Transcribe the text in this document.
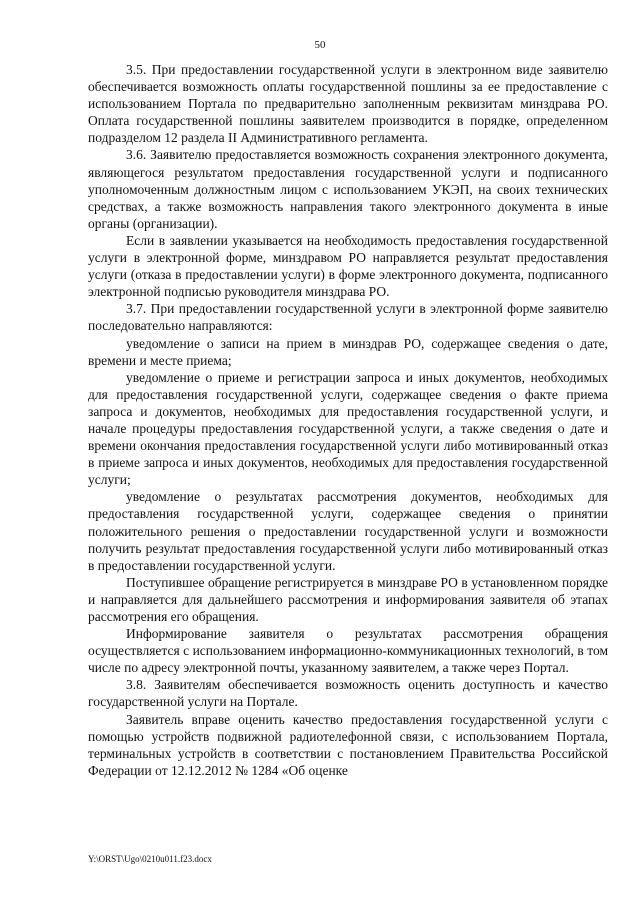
50

3.5. При предоставлении государственной услуги в электронном виде заявителю обеспечивается возможность оплаты государственной пошлины за ее предоставление с использованием Портала по предварительно заполненным реквизитам минздрава РО. Оплата государственной пошлины заявителем производится в порядке, определенном подразделом 12 раздела II Административного регламента.

3.6. Заявителю предоставляется возможность сохранения электронного документа, являющегося результатом предоставления государственной услуги и подписанного уполномоченным должностным лицом с использованием УКЭП, на своих технических средствах, а также возможность направления такого электронного документа в иные органы (организации).

Если в заявлении указывается на необходимость предоставления государственной услуги в электронной форме, минздравом РО направляется результат предоставления услуги (отказа в предоставлении услуги) в форме электронного документа, подписанного электронной подписью руководителя минздрава РО.

3.7. При предоставлении государственной услуги в электронной форме заявителю последовательно направляются:

уведомление о записи на прием в минздрав РО, содержащее сведения о дате, времени и месте приема;

уведомление о приеме и регистрации запроса и иных документов, необходимых для предоставления государственной услуги, содержащее сведения о факте приема запроса и документов, необходимых для предоставления государственной услуги, и начале процедуры предоставления государственной услуги, а также сведения о дате и времени окончания предоставления государственной услуги либо мотивированный отказ в приеме запроса и иных документов, необходимых для предоставления государственной услуги;

уведомление о результатах рассмотрения документов, необходимых для предоставления государственной услуги, содержащее сведения о принятии положительного решения о предоставлении государственной услуги и возможности получить результат предоставления государственной услуги либо мотивированный отказ в предоставлении государственной услуги.

Поступившее обращение регистрируется в минздраве РО в установленном порядке и направляется для дальнейшего рассмотрения и информирования заявителя об этапах рассмотрения его обращения.

Информирование заявителя о результатах рассмотрения обращения осуществляется с использованием информационно-коммуникационных технологий, в том числе по адресу электронной почты, указанному заявителем, а также через Портал.

3.8. Заявителям обеспечивается возможность оценить доступность и качество государственной услуги на Портале.

Заявитель вправе оценить качество предоставления государственной услуги с помощью устройств подвижной радиотелефонной связи, с использованием Портала, терминальных устройств в соответствии с постановлением Правительства Российской Федерации от 12.12.2012 № 1284 «Об оценке

Y:\ORST\Ugo\0210u011.f23.docx
